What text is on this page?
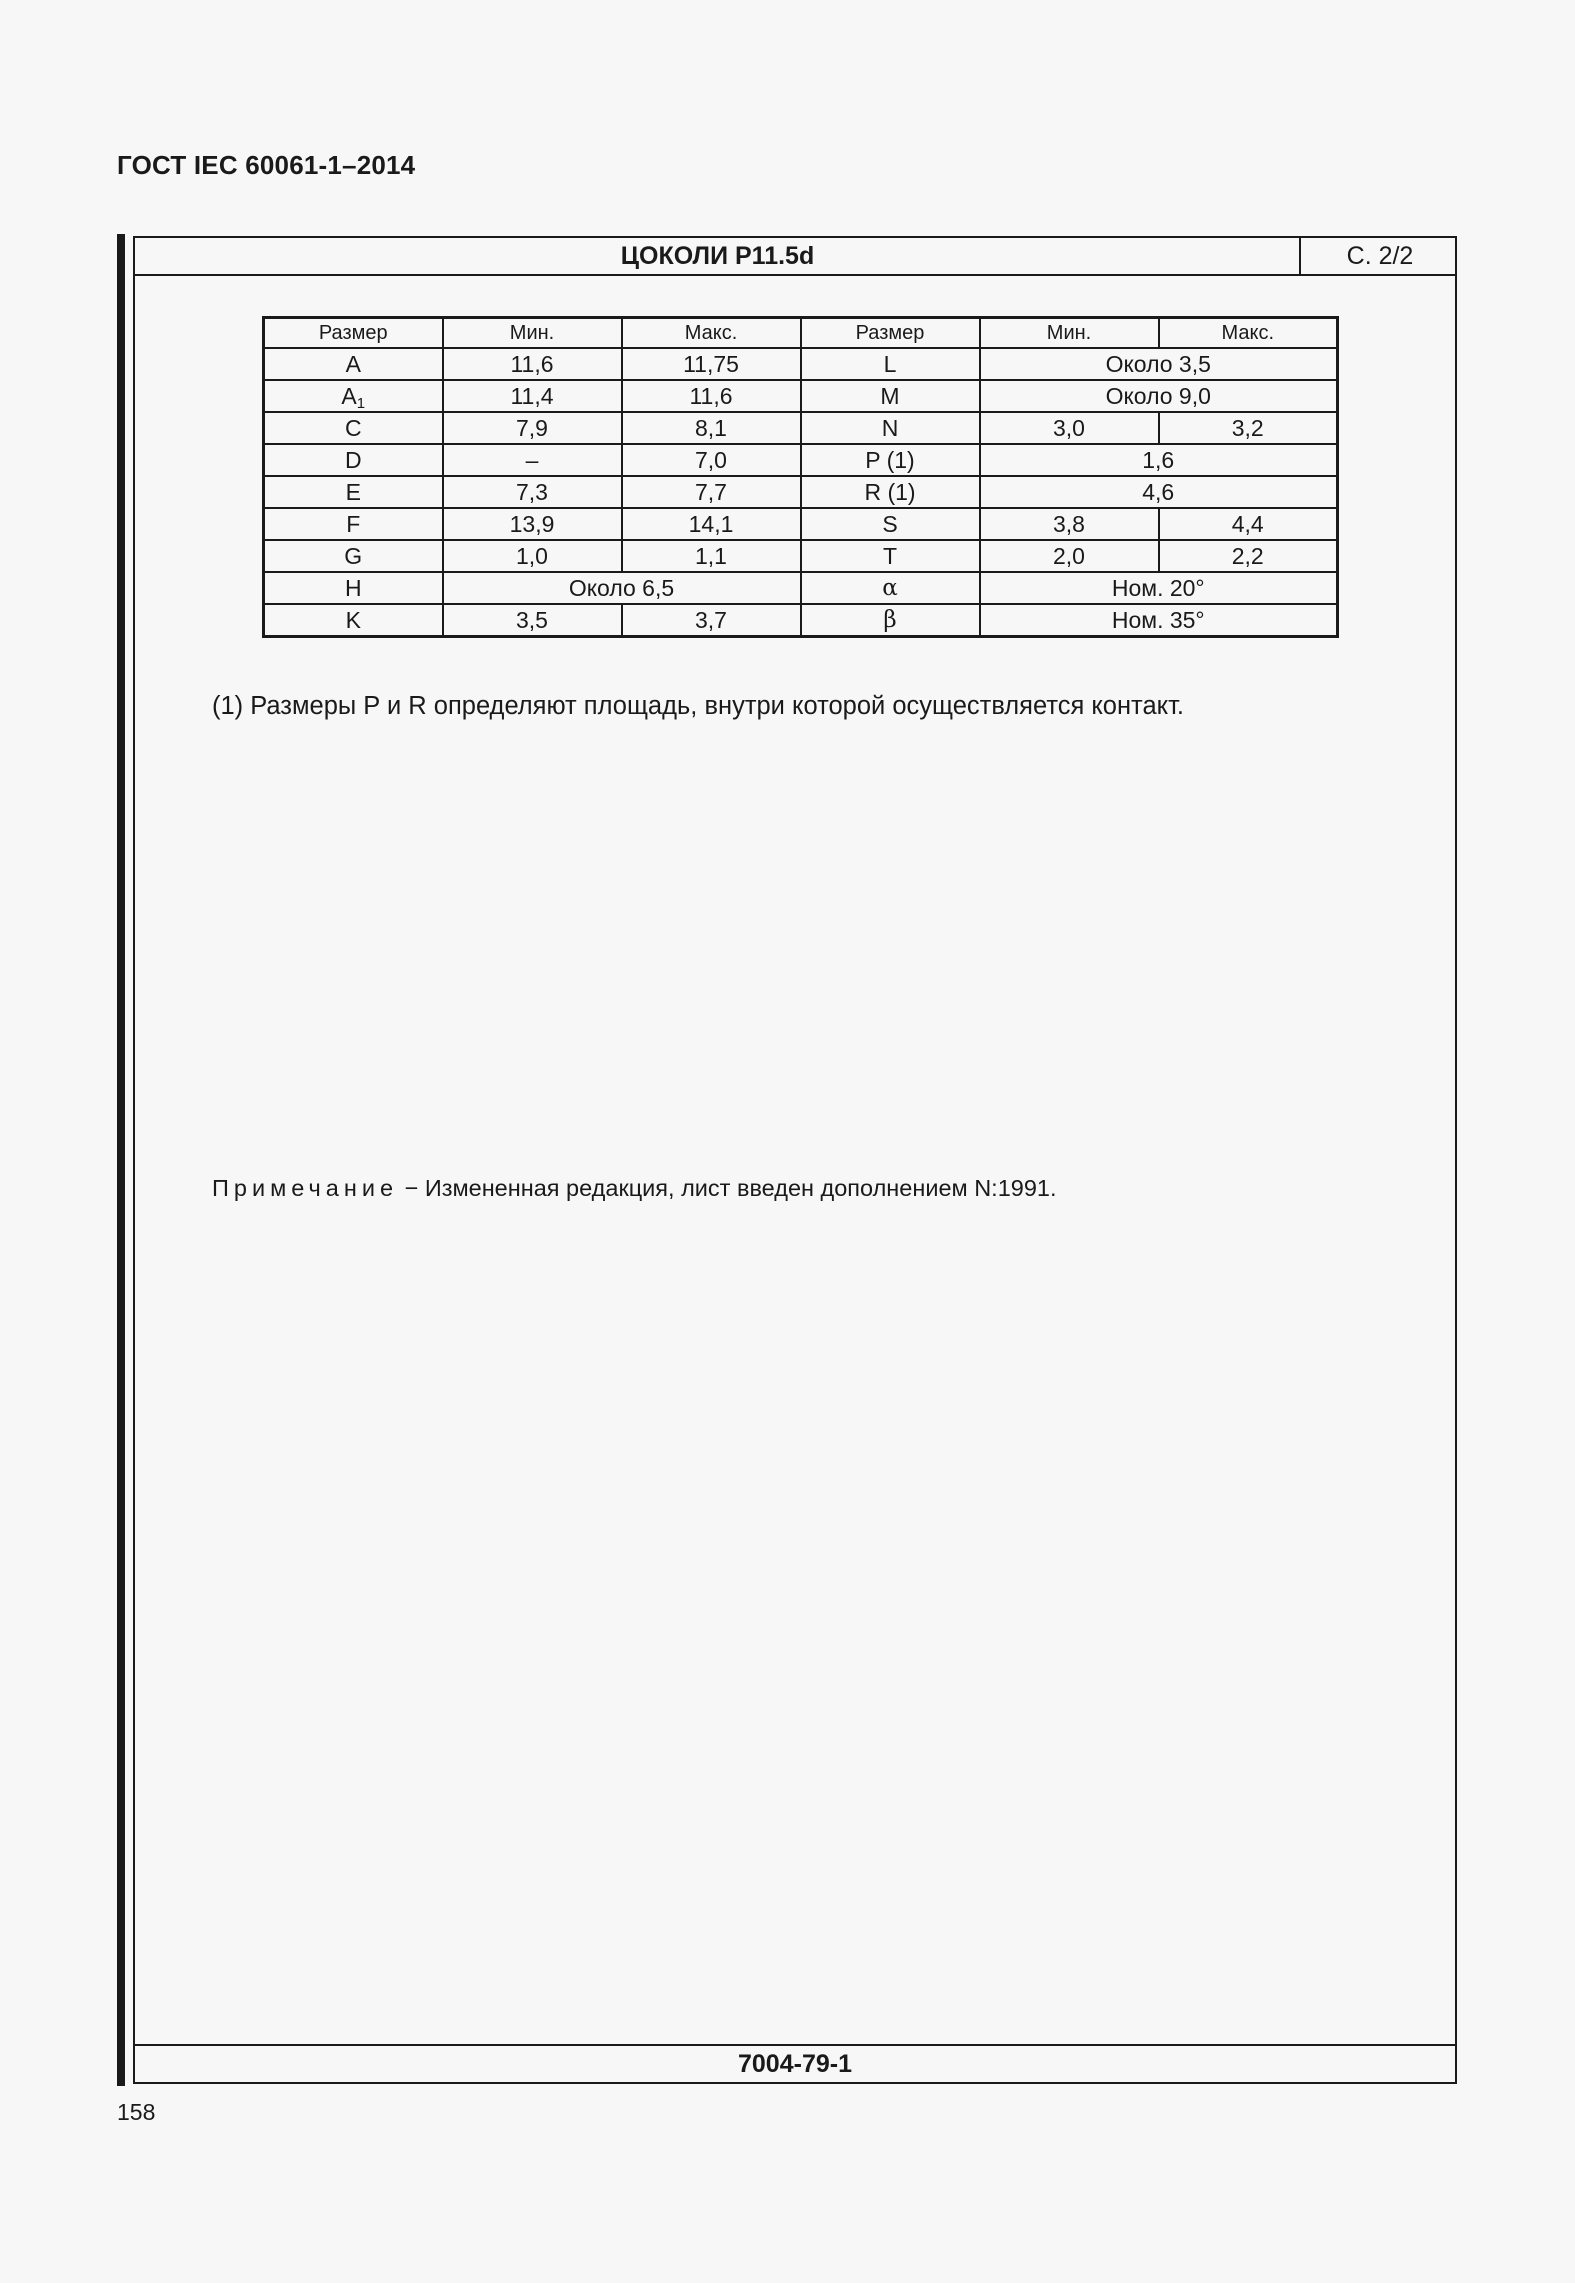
ГОСТ IEC 60061-1–2014
ЦОКОЛИ P11.5d	С. 2/2
Размер	Мин.	Макс.	Размер	Мин.	Макс.
A	11,6	11,75	L	Около 3,5	
$A_1$	11,4	11,6	M	Около 9,0	
C	7,9	8,1	N	3,0	3,2
D	–	7,0	P (1)	1,6	
E	7,3	7,7	R (1)	4,6	
F	13,9	14,1	S	3,8	4,4
G	1,0	1,1	T	2,0	2,2
H	Около 6,5		α	Ном. 20°	
K	3,5	3,7	β	Ном. 35°	
(1) Размеры P и R определяют площадь, внутри которой осуществляется контакт.
Примечание − Измененная редакция, лист введен дополнением N:1991.
7004-79-1
158
